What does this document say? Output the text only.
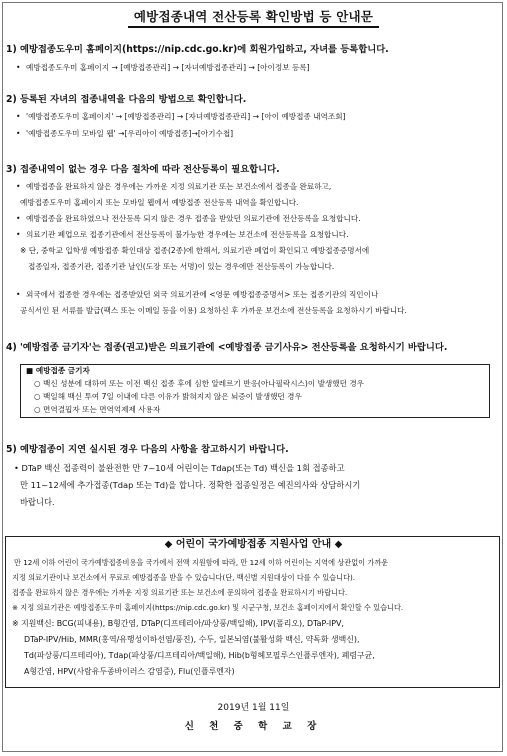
예방접종내역 전산등록 확인방법 등 안내문
1) 예방접종도우미 홈페이지(https://nip.cdc.go.kr)에 회원가입하고, 자녀를 등록합니다.
• 예방접종도우미 홈페이지 → [예방접종관리] → [자녀예방접종관리] → [아이정보 등록]
2) 등록된 자녀의 접종내역을 다음의 방법으로 확인합니다.
• '예방접종도우미 홈페이지' → [예방접종관리] → [자녀예방접종관리] → [아이 예방접종 내역조회]
• '예방접종도우미 모바일 웹' →[우리아이 예방접종]→[아기수첩]
3) 접종내역이 없는 경우 다음 절차에 따라 전산등록이 필요합니다.
• 예방접종을 완료하지 않은 경우에는 가까운 지정 의료기관 또는 보건소에서 접종을 완료하고,
예방접종도우미 홈페이지 또는 모바일 웹에서 예방접종 전산등록 내역을 확인합니다.
• 예방접종을 완료하였으나 전산등록 되지 않은 경우 접종을 받았던 의료기관에 전산등록을 요청합니다.
• 의료기관 폐업으로 접종기관에서 전산등록이 불가능한 경우에는 보건소에 전산등록을 요청합니다.
※ 단, 중학교 입학생 예방접종 확인대상 접종(2종)에 한해서, 의료기관 폐업이 확인되고 예방접종증명서에
접종일자, 접종기관, 접종기관 날인(도장 또는 서명)이 있는 경우에만 전산등록이 가능합니다.
• 외국에서 접종한 경우에는 접종받았던 외국 의료기관에 <영문 예방접종증명서> 또는 접종기관의 직인이나
공식서인 된 서류를 발급(팩스 또는 이메일 등을 이용) 요청하신 후 가까운 보건소에 전산등록을 요청하시기 바랍니다.
4) '예방접종 금기자'는 접종(권고)받은 의료기관에 <예방접종 금기사유> 전산등록을 요청하시기 바랍니다.
■ 예방접종 금기자
○ 백신 성분에 대하여 또는 이전 백신 접종 후에 심한 알레르기 반응(아나필락시스)이 발생했던 경우
○ 백일해 백신 투여 7일 이내에 다른 이유가 밝혀지지 않은 뇌증이 발생했던 경우
○ 면역결핍자 또는 면역억제제 사용자
5) 예방접종이 지연 실시된 경우 다음의 사항을 참고하시기 바랍니다.
• DTaP 백신 접종력이 불완전한 만 7~10세 어린이는 Tdap(또는 Td) 백신을 1회 접종하고
만 11~12세에 추가접종(Tdap 또는 Td)을 합니다. 정확한 접종일정은 예진의사와 상담하시기
바랍니다.
◆ 어린이 국가예방접종 지원사업 안내 ◆
만 12세 이하 어린이 국가예방접종비용을 국가에서 전액 지원함에 따라, 만 12세 이하 어린이는 지역에 상관없이 가까운
지정 의료기관이나 보건소에서 무료로 예방접종을 받을 수 있습니다(단, 백신별 지원대상이 다를 수 있습니다).
접종을 완료하지 않은 경우에는 가까운 지정 의료기관 또는 보건소에 문의하여 접종을 완료하시기 바랍니다.
※ 지정 의료기관은 예방접종도우미 홈페이지(https://nip.cdc.go.kr) 및 시군구청, 보건소 홈페이지에서 확인할 수 있습니다.
※ 지원백신: BCG(피내용), B형간염, DTaP(디프테리아/파상풍/백일해), IPV(폴리오), DTaP-IPV,
DTaP-IPV/Hib, MMR(홍역/유행성이하선염/풍진), 수두, 일본뇌염(불활성화 백신, 약독화 생백신),
Td(파상풍/디프테리아), Tdap(파상풍/디프테리아/백일해), Hib(b형헤모필루스인플루엔자), 폐렴구균,
A형간염, HPV(사람유두종바이러스 감염증), Flu(인플루엔자)
2019년 1월 11일
신 천 중 학 교 장
